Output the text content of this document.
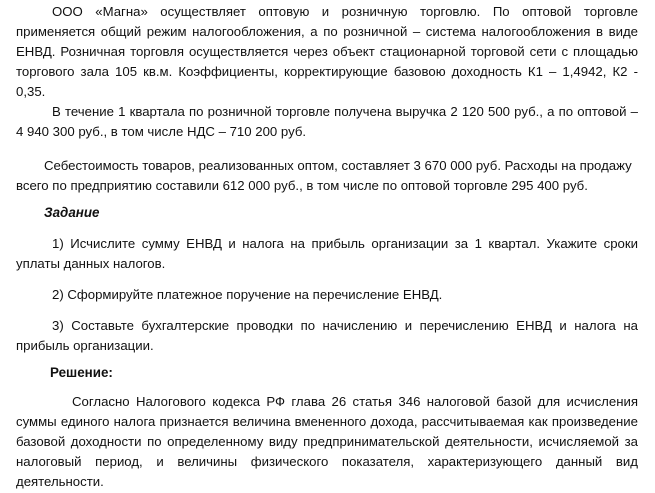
ООО «Магна» осуществляет оптовую и розничную торговлю. По оптовой торговле применяется общий режим налогообложения, а по розничной – система налогообложения в виде ЕНВД. Розничная торговля осуществляется через объект стационарной торговой сети с площадью торгового зала 105 кв.м. Коэффициенты, корректирующие базовою доходность К1 – 1,4942, К2 - 0,35.

В течение 1 квартала по розничной торговле получена выручка 2 120 500 руб., а по оптовой – 4 940 300 руб., в том числе НДС – 710 200 руб.

Себестоимость товаров, реализованных оптом, составляет 3 670 000 руб. Расходы на продажу всего по предприятию составили 612 000 руб., в том числе по оптовой торговле 295 400 руб.

Задание

1) Исчислите сумму ЕНВД и налога на прибыль организации за 1 квартал. Укажите сроки уплаты данных налогов.

2) Сформируйте платежное поручение на перечисление ЕНВД.

3) Составьте бухгалтерские проводки по начислению и перечислению ЕНВД и налога на прибыль организации.

Решение:

Согласно Налогового кодекса РФ глава 26 статья 346 налоговой базой для исчисления суммы единого налога признается величина вмененного дохода, рассчитываемая как произведение базовой доходности по определенному виду предпринимательской деятельности, исчисляемой за налоговый период, и величины физического показателя, характеризующего данный вид деятельности.
